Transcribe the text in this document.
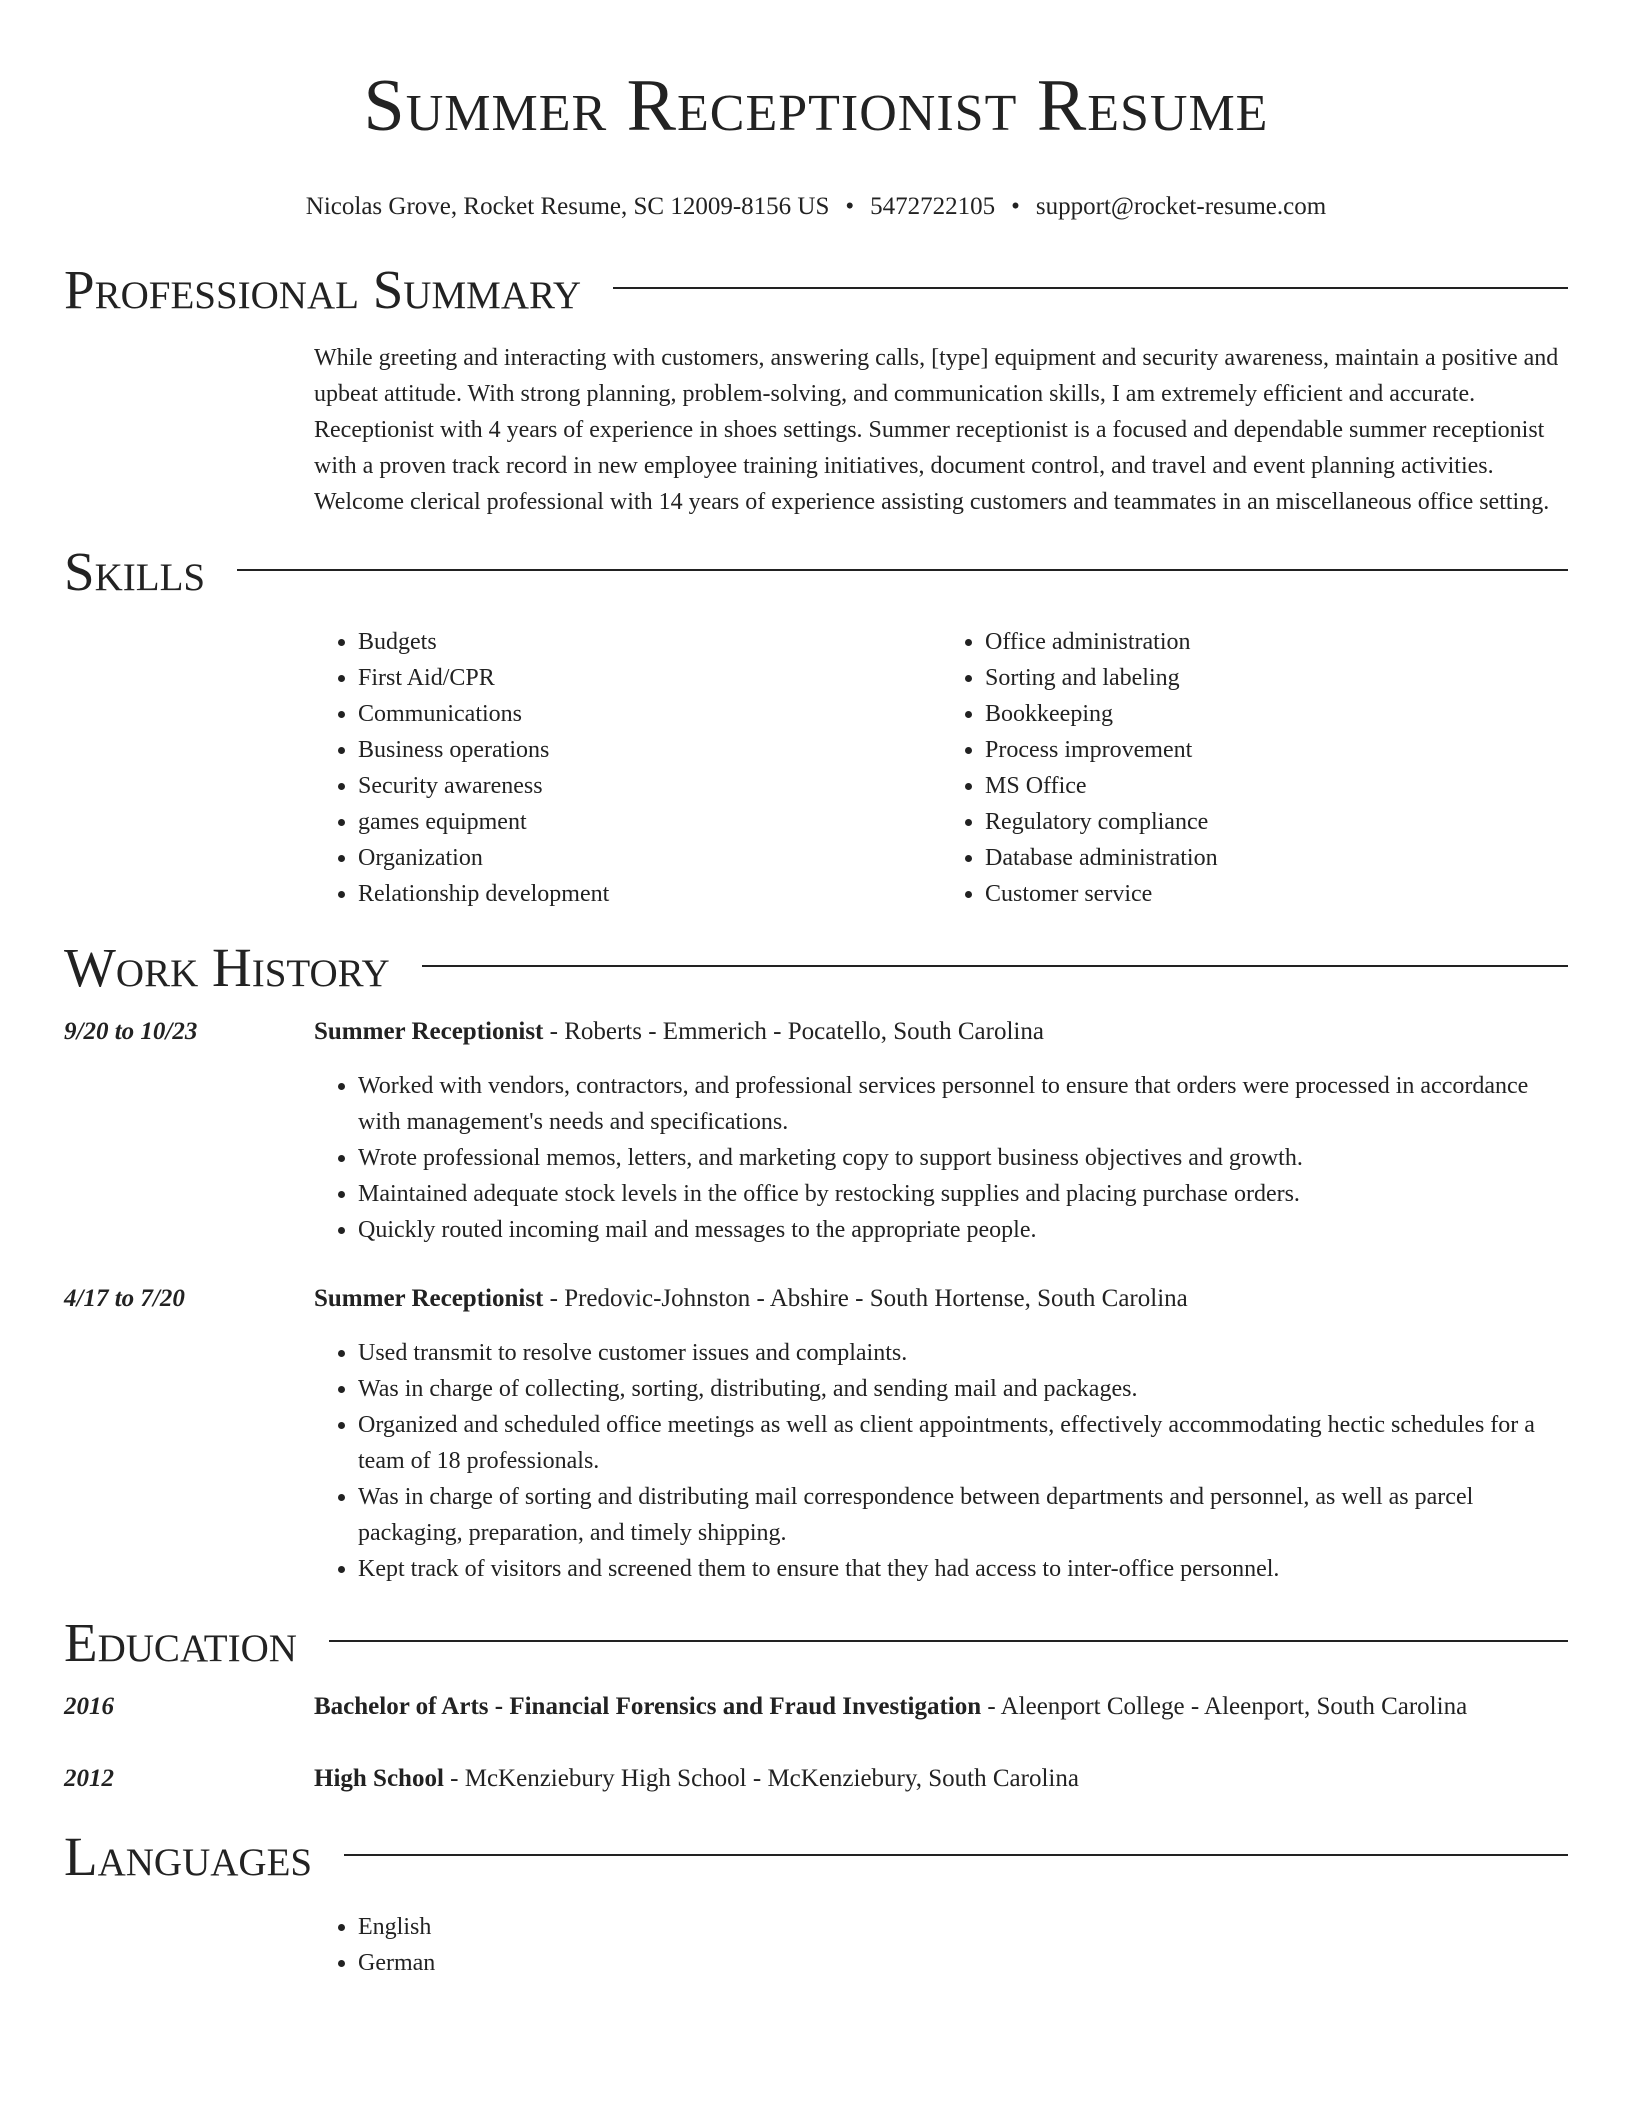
Summer Receptionist Resume
Nicolas Grove, Rocket Resume, SC 12009-8156 US • 5472722105 • support@rocket-resume.com
Professional Summary

While greeting and interacting with customers, answering calls, [type] equipment and security awareness, maintain a positive and upbeat attitude. With strong planning, problem-solving, and communication skills, I am extremely efficient and accurate. Receptionist with 4 years of experience in shoes settings. Summer receptionist is a focused and dependable summer receptionist with a proven track record in new employee training initiatives, document control, and travel and event planning activities. Welcome clerical professional with 14 years of experience assisting customers and teammates in an miscellaneous office setting.

Skills
• Budgets
• First Aid/CPR
• Communications
• Business operations
• Security awareness
• games equipment
• Organization
• Relationship development
• Office administration
• Sorting and labeling
• Bookkeeping
• Process improvement
• MS Office
• Regulatory compliance
• Database administration
• Customer service
Work History
9/20 to 10/23	Summer Receptionist - Roberts - Emmerich - Pocatello, South Carolina
• Worked with vendors, contractors, and professional services personnel to ensure that orders were processed in accordance with management's needs and specifications.
• Wrote professional memos, letters, and marketing copy to support business objectives and growth.
• Maintained adequate stock levels in the office by restocking supplies and placing purchase orders.
• Quickly routed incoming mail and messages to the appropriate people.
4/17 to 7/20	Summer Receptionist - Predovic-Johnston - Abshire - South Hortense, South Carolina
• Used transmit to resolve customer issues and complaints.
• Was in charge of collecting, sorting, distributing, and sending mail and packages.
• Organized and scheduled office meetings as well as client appointments, effectively accommodating hectic schedules for a team of 18 professionals.
• Was in charge of sorting and distributing mail correspondence between departments and personnel, as well as parcel packaging, preparation, and timely shipping.
• Kept track of visitors and screened them to ensure that they had access to inter-office personnel.
Education
2016	Bachelor of Arts - Financial Forensics and Fraud Investigation - Aleenport College - Aleenport, South Carolina
2012	High School - McKenziebury High School - McKenziebury, South Carolina
Languages
• English
• German
